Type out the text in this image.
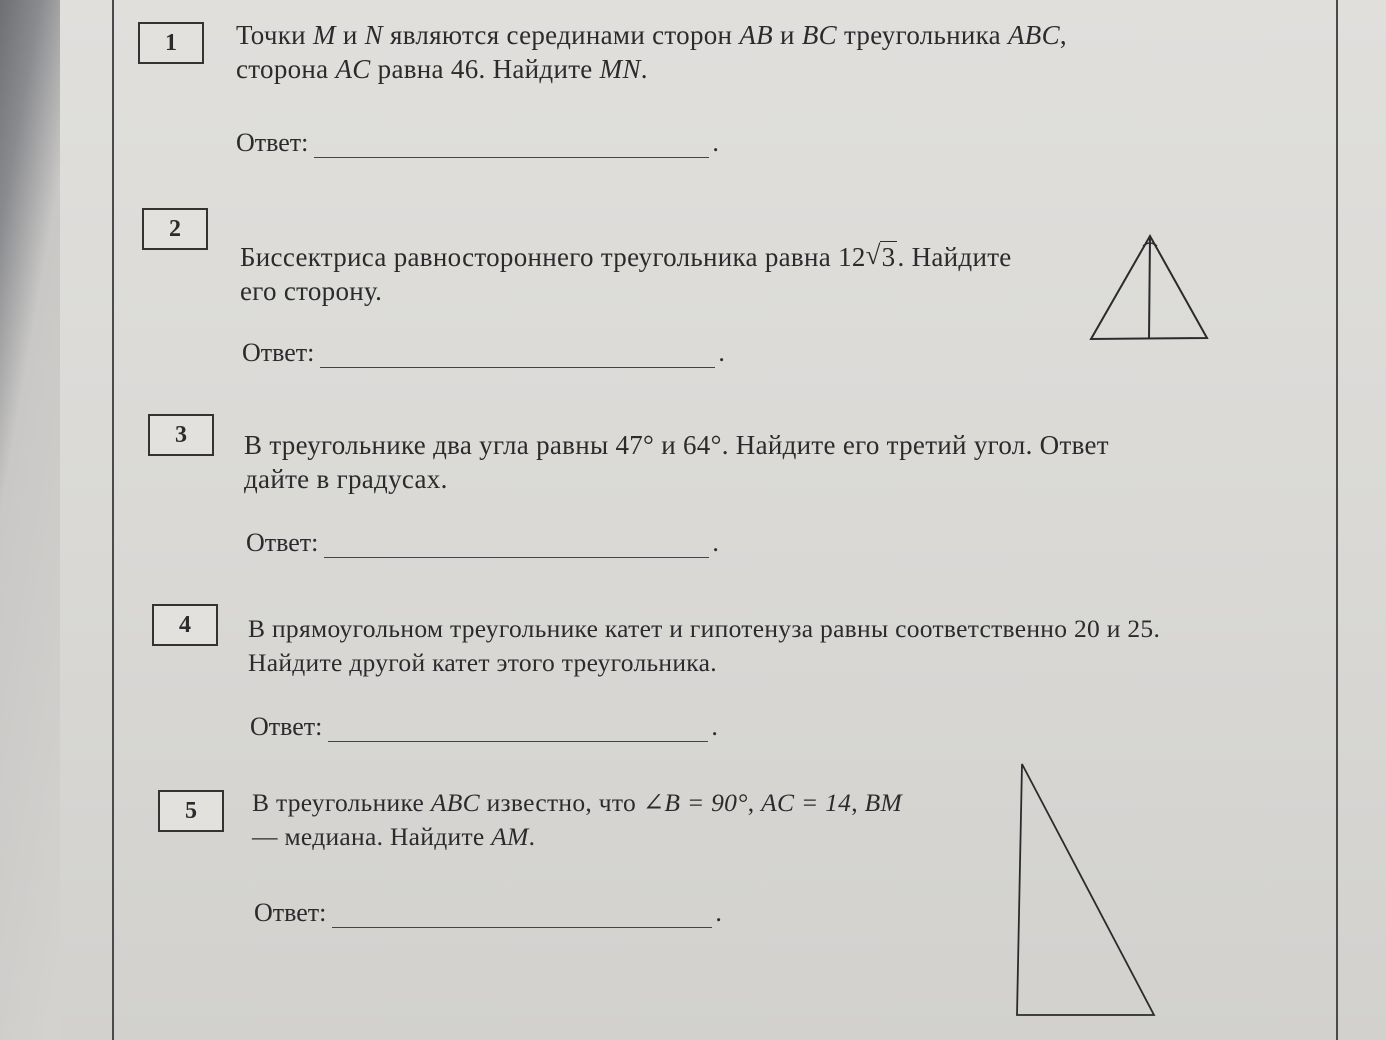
1	Точки M и N являются серединами сторон AB и BC треугольника ABC,
сторона AC равна 46. Найдите MN.
Ответ:	.
2
Биссектриса равностороннего треугольника равна 12√ 3. Найдите
его сторону.
Ответ:	.
3	В треугольнике два угла равны 47° и 64°. Найдите его третий угол. Ответ
дайте в градусах.
Ответ:	.
4	В прямоугольном треугольнике катет и гипотенуза равны соответственно 20 и 25.
Найдите другой катет этого треугольника.
Ответ:	.
5	В треугольнике ABC известно, что ∠B = 90°, AC = 14, BM
— медиана. Найдите AM.
Ответ:	.
